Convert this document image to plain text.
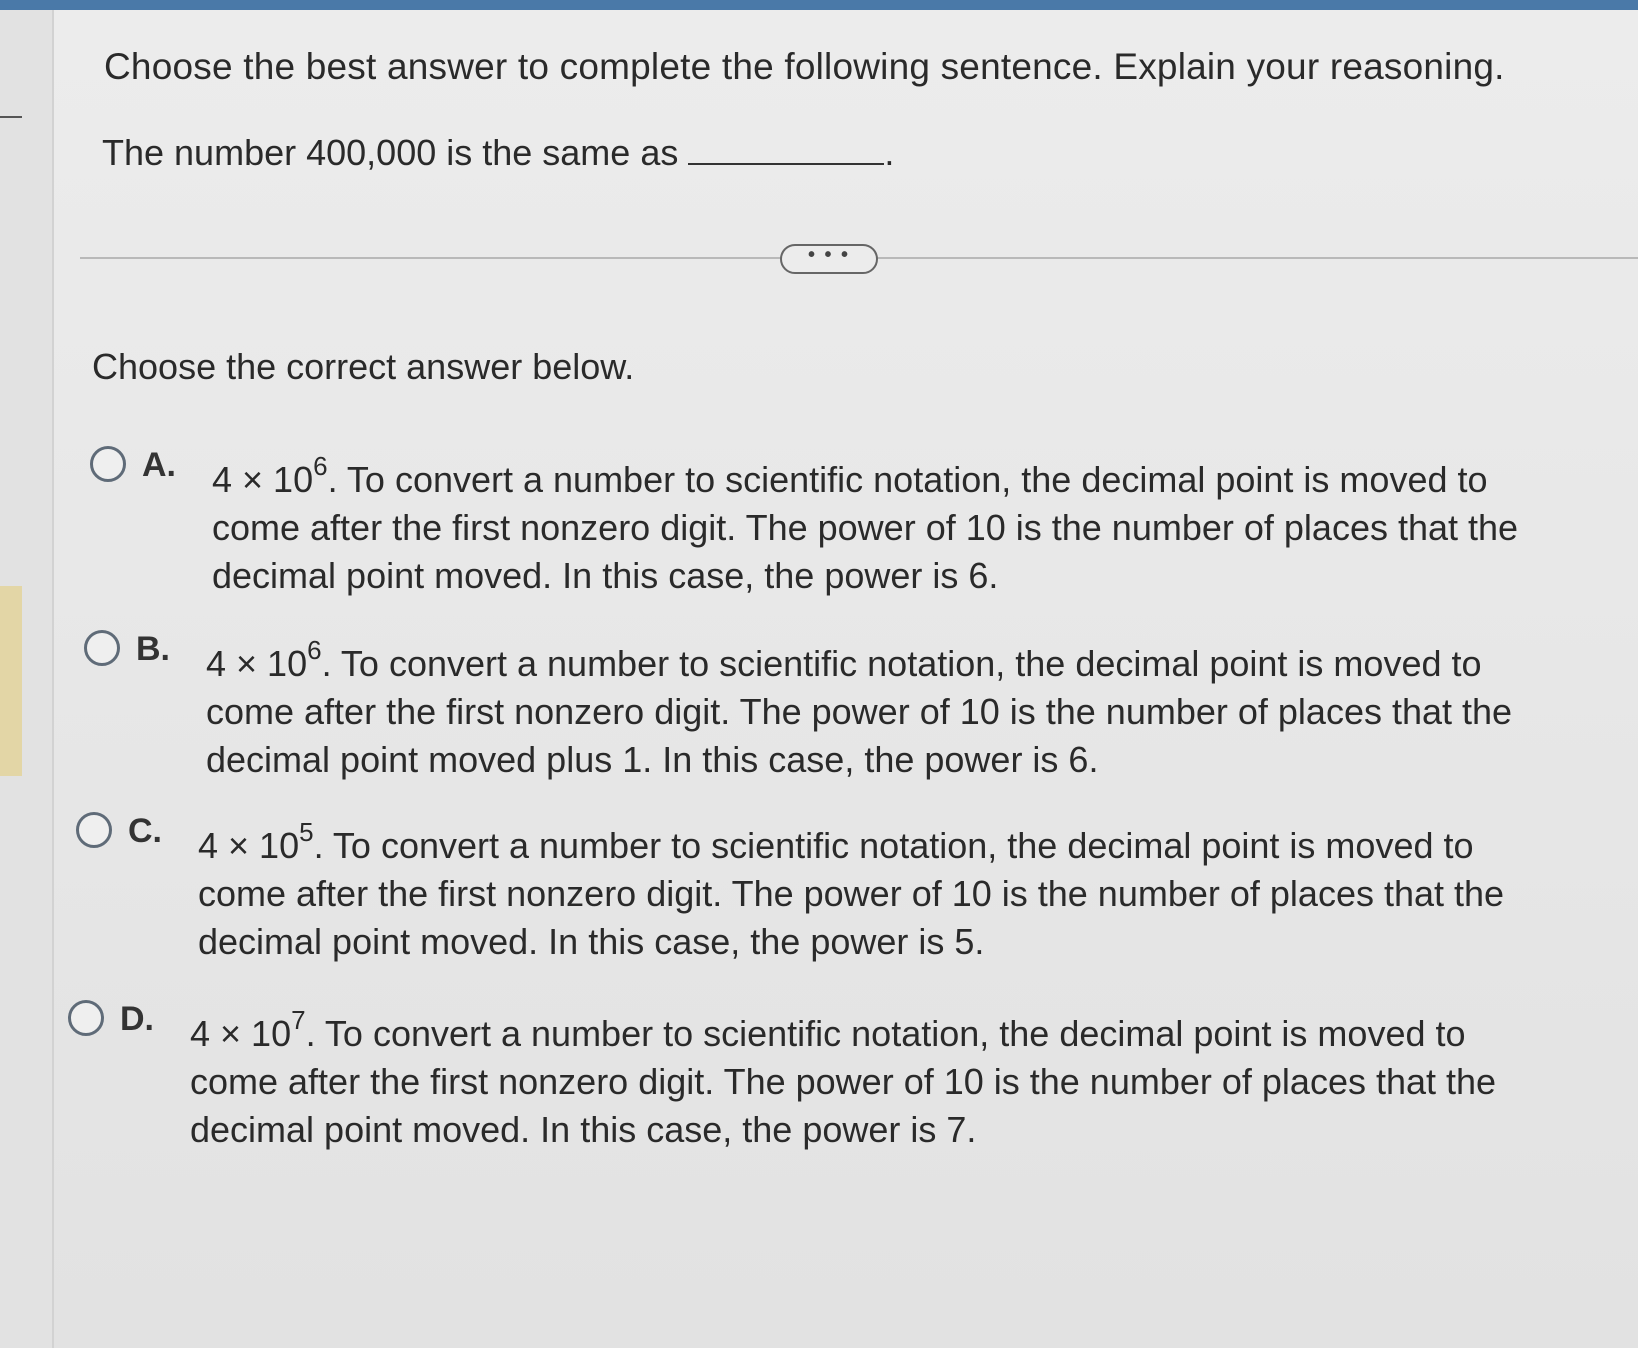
Choose the best answer to complete the following sentence. Explain your reasoning.
The number 400,000 is the same as	.
• • •
Choose the correct answer below.
A. $4 \times 10^6$. To convert a number to scientific notation, the decimal point is moved to come after the first nonzero digit. The power of 10 is the number of places that the decimal point moved. In this case, the power is 6.
B. $4 \times 10^6$. To convert a number to scientific notation, the decimal point is moved to come after the first nonzero digit. The power of 10 is the number of places that the decimal point moved plus 1. In this case, the power is 6.
C. $4 \times 10^5$. To convert a number to scientific notation, the decimal point is moved to come after the first nonzero digit. The power of 10 is the number of places that the decimal point moved. In this case, the power is 5.
D. $4 \times 10^7$. To convert a number to scientific notation, the decimal point is moved to come after the first nonzero digit. The power of 10 is the number of places that the decimal point moved. In this case, the power is 7.
